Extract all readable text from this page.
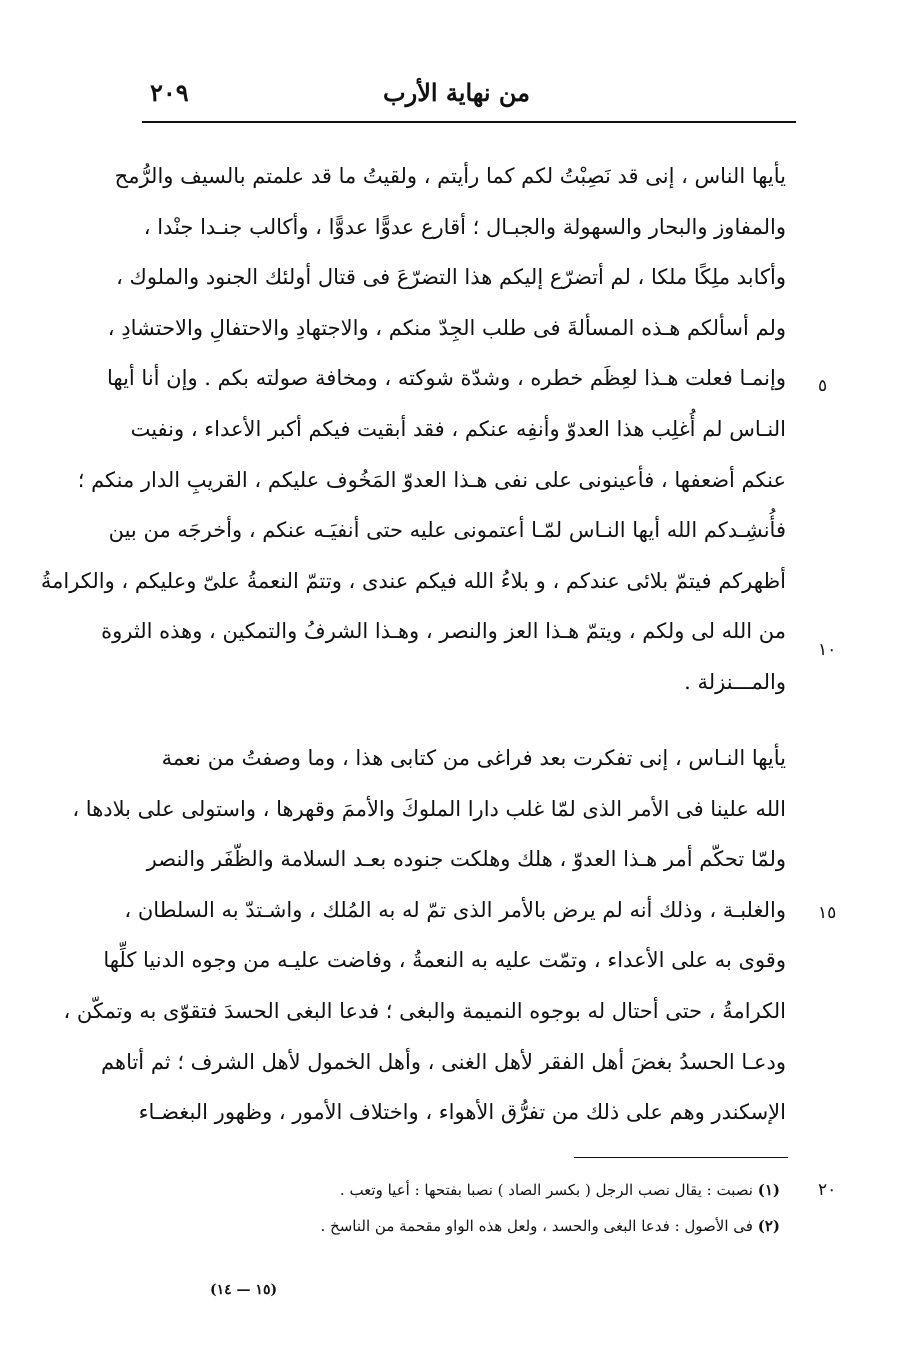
من نهاية الأرب
٢٠٩
يأيها الناس ، إنى قد نَصِبْتُ لكم كما رأيتم ، ولقيتُ ما قد علمتم بالسيف والرُّمح
والمفاوز والبحار والسهولة والجبـال ؛ أقارع عدوًّا عدوًّا ، وأكالب جنـدا جنْدا ،
وأكابد ملِكًا ملكا ، لم أتضرّع إليكم هذا التضرّعَ فى قتال أولئك الجنود والملوك ،
ولم أسألكم هـذه المسألةَ فى طلب الجِدّ منكم ، والاجتهادِ والاحتفالِ والاحتشادِ ،
وإنمـا فعلت هـذا لعِظَم خطره ، وشدّة شوكته ، ومخافة صولته بكم . وإن أنا أيها
النـاس لم أُغلِب هذا العدوّ وأنفِه عنكم ، فقد أبقيت فيكم أكبر الأعداء ، ونفيت
عنكم أضعفها ، فأعينونى على نفى هـذا العدوّ المَخُوف عليكم ، القريبِ الدار منكم ؛
فأُنشِـدكم الله أيها النـاس لمّـا أعتمونى عليه حتى أنفيَـه عنكم ، وأخرجَه من بين
أظهركم فيتمّ بلائى عندكم ، و بلاءُ الله فيكم عندى ، وتتمّ النعمةُ علىّ وعليكم ، والكرامةُ
من الله لى ولكم ، ويتمّ هـذا العز والنصر ، وهـذا الشرفُ والتمكين ، وهذه الثروة
والمـــنزلة .
يأيها النـاس ، إنى تفكرت بعد فراغى من كتابى هذا ، وما وصفتُ من نعمة
الله علينا فى الأمر الذى لمّا غلب دارا الملوكَ والأممَ وقهرها ، واستولى على بلادها ،
ولمّا تحكّم أمر هـذا العدوّ ، هلك وهلكت جنوده بعـد السلامة والظّفَر والنصر
والغلبـة ، وذلك أنه لم يرض بالأمر الذى تمّ له به المُلك ، واشـتدّ به السلطان ،
وقوى به على الأعداء ، وتمّت عليه به النعمةُ ، وفاضت عليـه من وجوه الدنيا كلِّها
الكرامةُ ، حتى أحتال له بوجوه النميمة والبغى ؛ فدعا البغى الحسدَ فتقوّى به وتمكّن ،
ودعـا الحسدُ بغضَ أهل الفقر لأهل الغنى ، وأهل الخمول لأهل الشرف ؛ ثم أتاهم
الإسكندر وهم على ذلك من تفرُّق الأهواء ، واختلاف الأمور ، وظهور البغضـاء
٥
١٠
١٥
٢٠
(١) نصبت : يقال نصب الرجل ( بكسر الصاد ) نصبا بفتحها : أعيا وتعب .
(٢) فى الأصول : فدعا البغى والحسد ، ولعل هذه الواو مقحمة من الناسخ .
(١٥ — ١٤)
